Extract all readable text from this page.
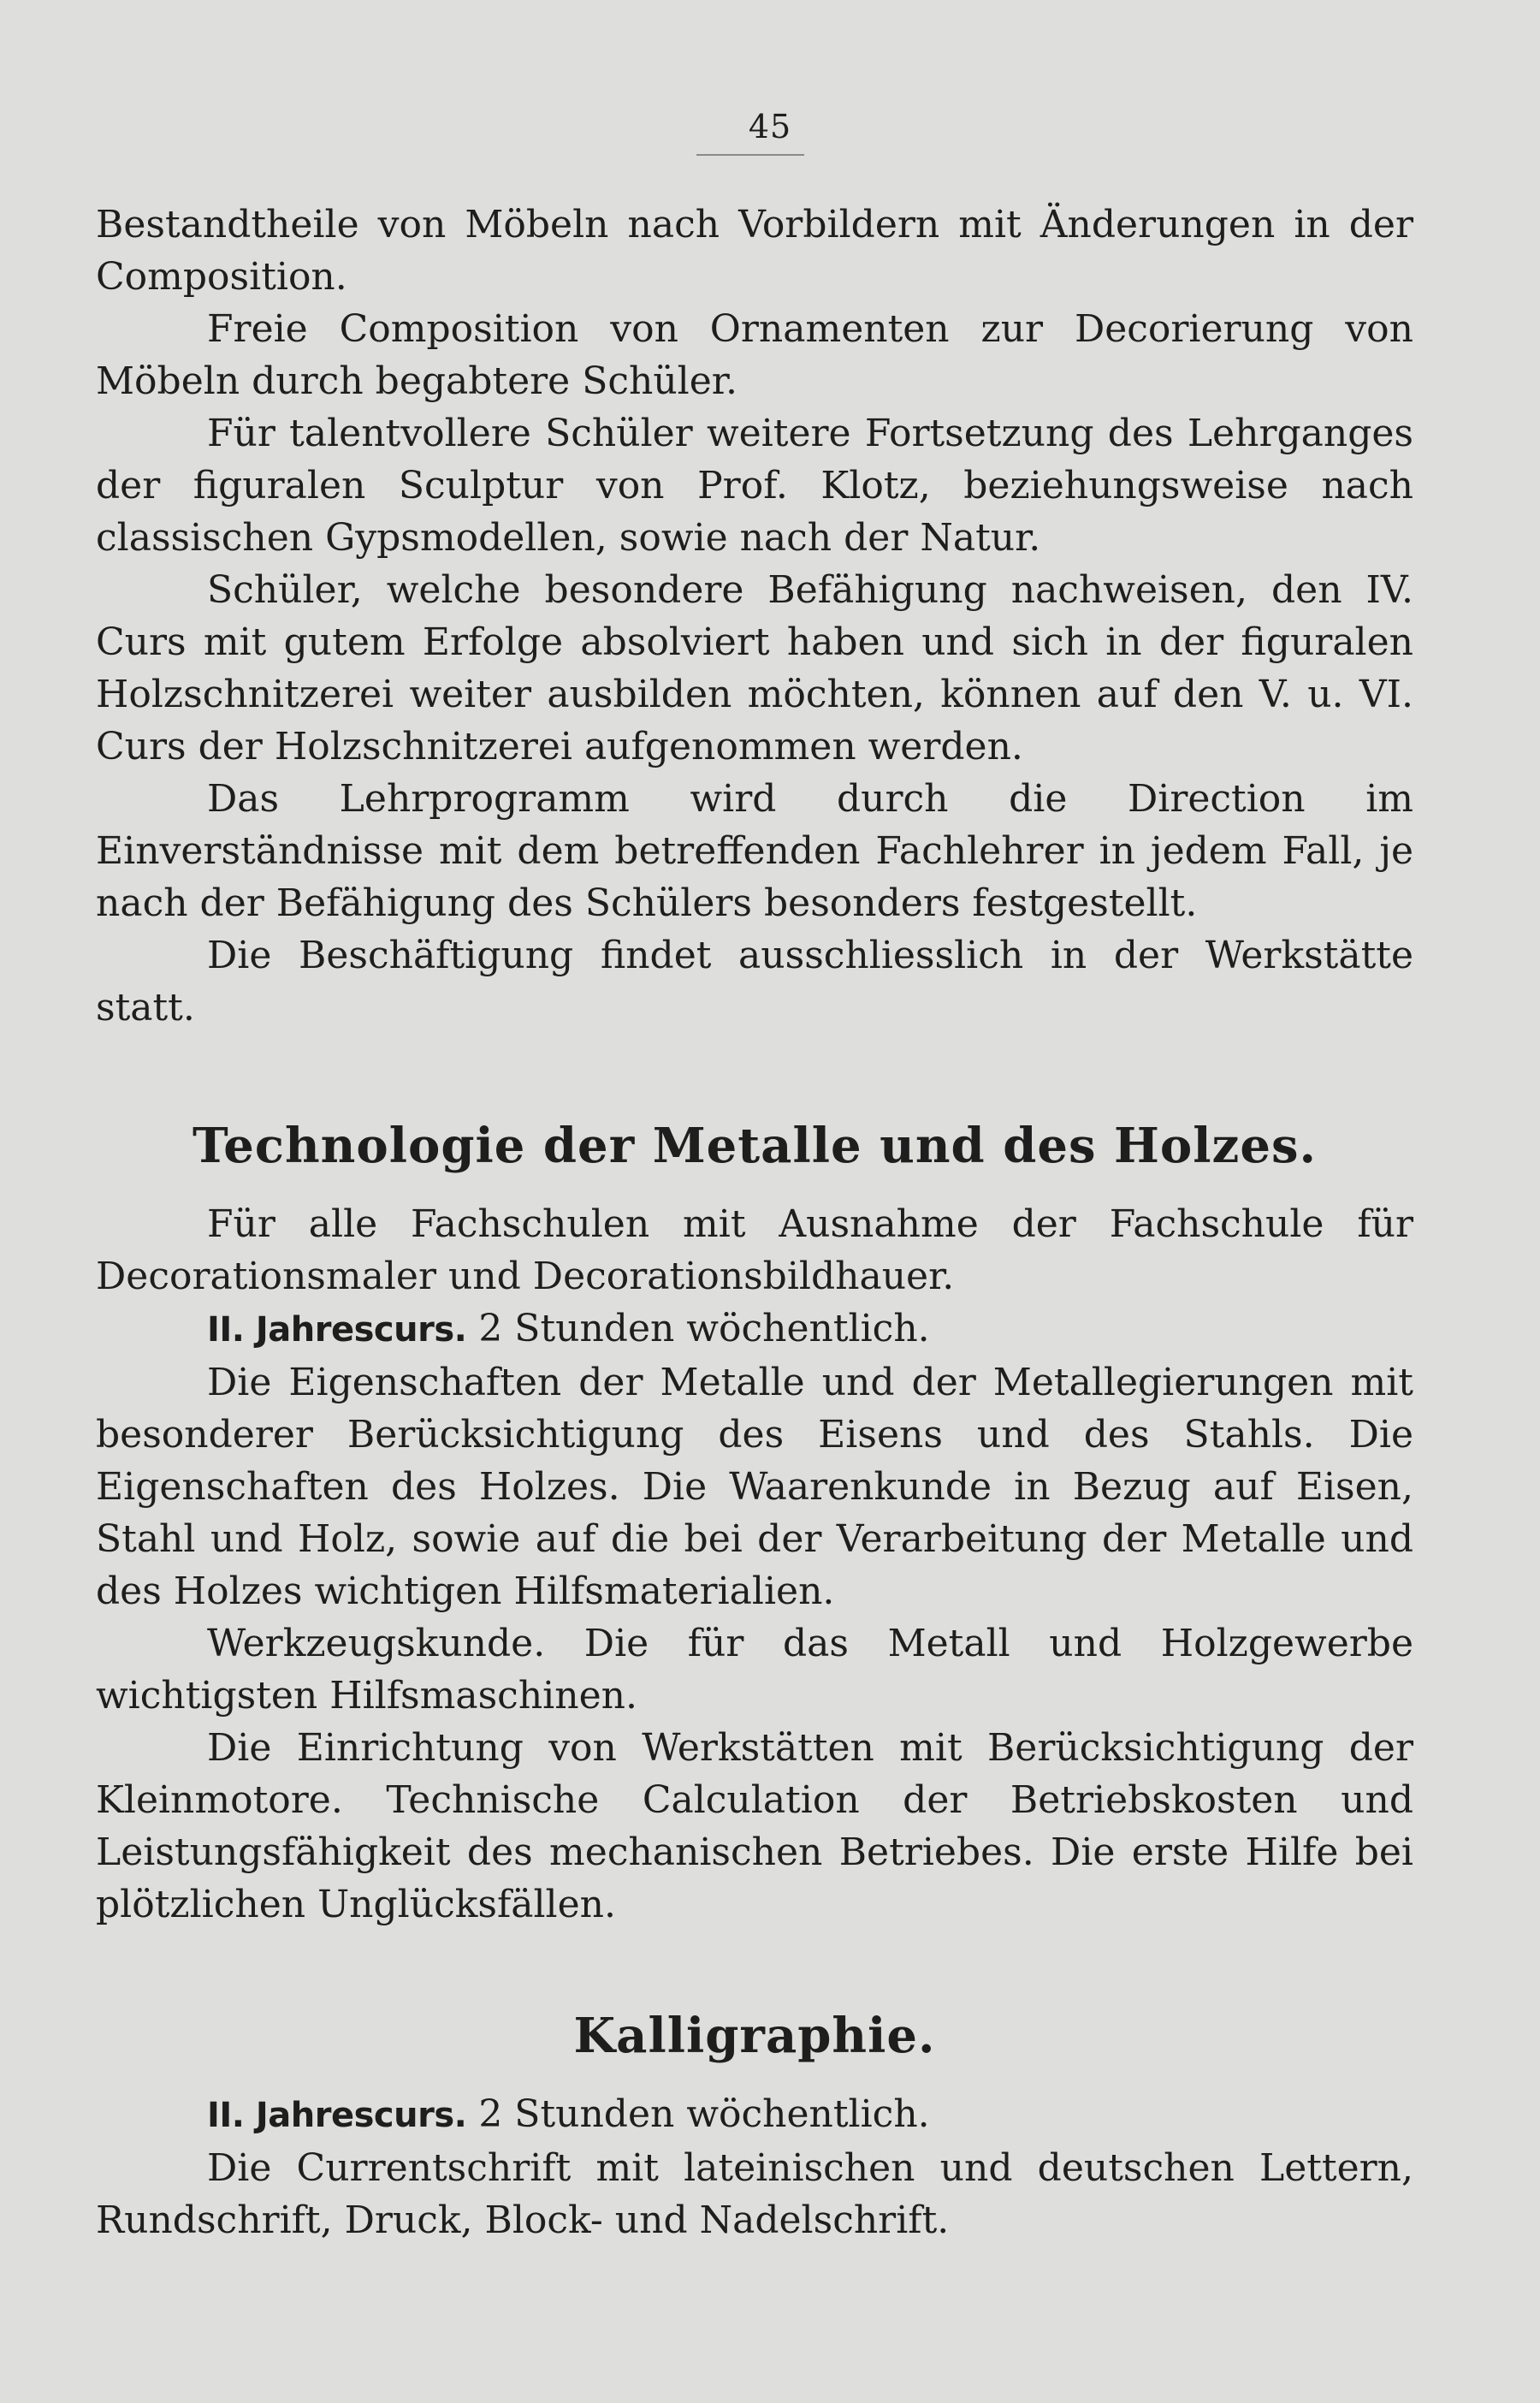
45

Bestandtheile von Möbeln nach Vorbildern mit Änderungen in der Composition.

Freie Composition von Ornamenten zur Decorierung von Möbeln durch begabtere Schüler.

Für talentvollere Schüler weitere Fortsetzung des Lehrganges der figuralen Sculptur von Prof. Klotz, beziehungsweise nach classischen Gypsmodellen, sowie nach der Natur.

Schüler, welche besondere Befähigung nachweisen, den IV. Curs mit gutem Erfolge absolviert haben und sich in der figuralen Holzschnitzerei weiter ausbilden möchten, können auf den V. u. VI. Curs der Holzschnitzerei aufgenommen werden.

Das Lehrprogramm wird durch die Direction im Einverständnisse mit dem betreffenden Fachlehrer in jedem Fall, je nach der Befähigung des Schülers besonders festgestellt.

Die Beschäftigung findet ausschliesslich in der Werkstätte statt.

Technologie der Metalle und des Holzes.

Für alle Fachschulen mit Ausnahme der Fachschule für Decorationsmaler und Decorationsbildhauer.

II. Jahrescurs. 2 Stunden wöchentlich.

Die Eigenschaften der Metalle und der Metallegierungen mit besonderer Berücksichtigung des Eisens und des Stahls. Die Eigenschaften des Holzes. Die Waarenkunde in Bezug auf Eisen, Stahl und Holz, sowie auf die bei der Verarbeitung der Metalle und des Holzes wichtigen Hilfsmaterialien.

Werkzeugskunde. Die für das Metall und Holzgewerbe wichtigsten Hilfsmaschinen.

Die Einrichtung von Werkstätten mit Berücksichtigung der Kleinmotore. Technische Calculation der Betriebskosten und Leistungsfähigkeit des mechanischen Betriebes. Die erste Hilfe bei plötzlichen Unglücksfällen.

Kalligraphie.

II. Jahrescurs. 2 Stunden wöchentlich.

Die Currentschrift mit lateinischen und deutschen Lettern, Rundschrift, Druck, Block- und Nadelschrift.
